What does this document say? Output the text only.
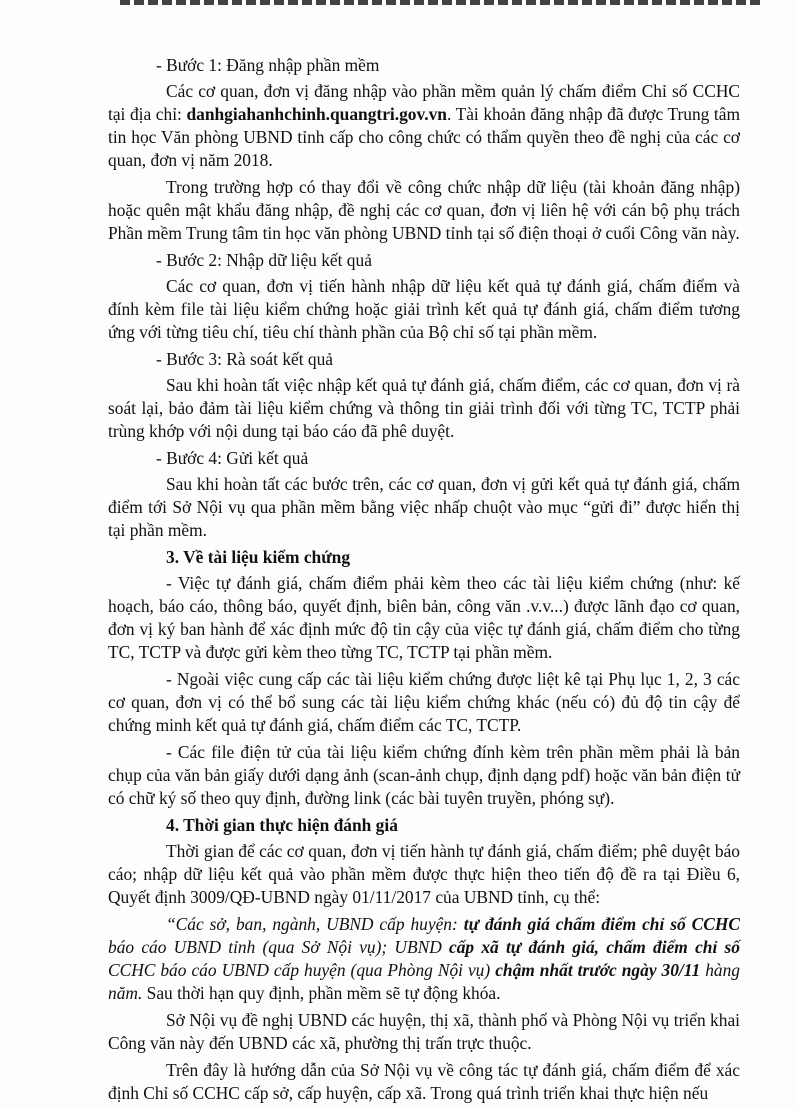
- Bước 1: Đăng nhập phần mềm

Các cơ quan, đơn vị đăng nhập vào phần mềm quản lý chấm điểm Chỉ số CCHC tại địa chỉ: danhgiahanhchinh.quangtri.gov.vn. Tài khoản đăng nhập đã được Trung tâm tin học Văn phòng UBND tỉnh cấp cho công chức có thẩm quyền theo đề nghị của các cơ quan, đơn vị năm 2018.

Trong trường hợp có thay đổi về công chức nhập dữ liệu (tài khoản đăng nhập) hoặc quên mật khẩu đăng nhập, đề nghị các cơ quan, đơn vị liên hệ với cán bộ phụ trách Phần mềm Trung tâm tin học văn phòng UBND tỉnh tại số điện thoại ở cuối Công văn này.

- Bước 2: Nhập dữ liệu kết quả

Các cơ quan, đơn vị tiến hành nhập dữ liệu kết quả tự đánh giá, chấm điểm và đính kèm file tài liệu kiểm chứng hoặc giải trình kết quả tự đánh giá, chấm điểm tương ứng với từng tiêu chí, tiêu chí thành phần của Bộ chỉ số tại phần mềm.

- Bước 3: Rà soát kết quả

Sau khi hoàn tất việc nhập kết quả tự đánh giá, chấm điểm, các cơ quan, đơn vị rà soát lại, bảo đảm tài liệu kiểm chứng và thông tin giải trình đối với từng TC, TCTP phải trùng khớp với nội dung tại báo cáo đã phê duyệt.

- Bước 4: Gửi kết quả

Sau khi hoàn tất các bước trên, các cơ quan, đơn vị gửi kết quả tự đánh giá, chấm điểm tới Sở Nội vụ qua phần mềm bằng việc nhấp chuột vào mục “gửi đi” được hiển thị tại phần mềm.

3. Về tài liệu kiểm chứng

- Việc tự đánh giá, chấm điểm phải kèm theo các tài liệu kiểm chứng (như: kế hoạch, báo cáo, thông báo, quyết định, biên bản, công văn .v.v...) được lãnh đạo cơ quan, đơn vị ký ban hành để xác định mức độ tin cậy của việc tự đánh giá, chấm điểm cho từng TC, TCTP và được gửi kèm theo từng TC, TCTP tại phần mềm.

- Ngoài việc cung cấp các tài liệu kiểm chứng được liệt kê tại Phụ lục 1, 2, 3 các cơ quan, đơn vị có thể bổ sung các tài liệu kiểm chứng khác (nếu có) đủ độ tin cậy để chứng minh kết quả tự đánh giá, chấm điểm các TC, TCTP.

- Các file điện tử của tài liệu kiểm chứng đính kèm trên phần mềm phải là bản chụp của văn bản giấy dưới dạng ảnh (scan-ảnh chụp, định dạng pdf) hoặc văn bản điện tử có chữ ký số theo quy định, đường link (các bài tuyên truyền, phóng sự).

4. Thời gian thực hiện đánh giá

Thời gian để các cơ quan, đơn vị tiến hành tự đánh giá, chấm điểm; phê duyệt báo cáo; nhập dữ liệu kết quả vào phần mềm được thực hiện theo tiến độ đề ra tại Điều 6, Quyết định 3009/QĐ-UBND ngày 01/11/2017 của UBND tỉnh, cụ thể:

“Các sở, ban, ngành, UBND cấp huyện: tự đánh giá chấm điểm chỉ số CCHC báo cáo UBND tỉnh (qua Sở Nội vụ); UBND cấp xã tự đánh giá, chấm điểm chỉ số CCHC báo cáo UBND cấp huyện (qua Phòng Nội vụ) chậm nhất trước ngày 30/11 hàng năm. Sau thời hạn quy định, phần mềm sẽ tự động khóa.

Sở Nội vụ đề nghị UBND các huyện, thị xã, thành phố và Phòng Nội vụ triển khai Công văn này đến UBND các xã, phường thị trấn trực thuộc.

Trên đây là hướng dẫn của Sở Nội vụ về công tác tự đánh giá, chấm điểm để xác định Chỉ số CCHC cấp sở, cấp huyện, cấp xã. Trong quá trình triển khai thực hiện nếu
